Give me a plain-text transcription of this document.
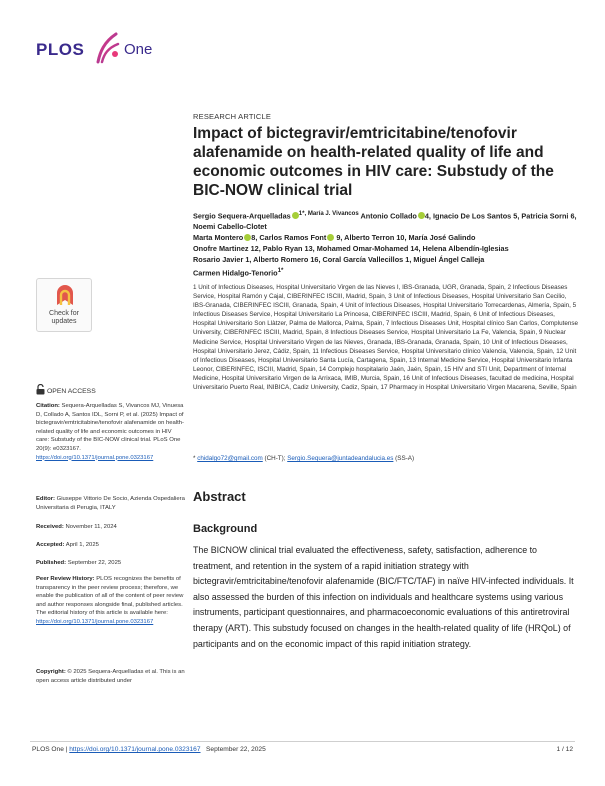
PLOS	One
RESEARCH ARTICLE
Impact of bictegravir/emtricitabine/tenofovir alafenamide on health-related quality of life and economic outcomes in HIV care: Substudy of the BIC-NOW clinical trial
Sergio Sequera-Arquelladas $^{1*, María J. Vivancos}$ Antonio Collado 4, Ignacio De Los Santos 5, Patricia Sorni 6, Noemi Cabello-Clotet
Marta Montero 8, Carlos Ramos Font 9, Alberto Terron 10, María José Galindo
Onofre Martinez 12, Pablo Ryan 13, Mohamed Omar-Mohamed 14, Helena Albendín-Iglesias
Rosario Javier 1, Alberto Romero 16, Coral García Vallecillos 1, Miguel Ángel Calleja
Carmen Hidalgo-Tenorio$^{1*}$
1 Unit of Infectious Diseases, Hospital Universitario Virgen de las Nieves I, IBS-Granada, UGR, Granada, Spain, 2 Infectious Diseases Service, Hospital Ramón y Cajal, CIBERINFEC ISCIII, Madrid, Spain, 3 Unit of Infectious Diseases, Hospital Universitario San Cecilio, IBS-Granada, CIBERINFEC ISCIII, Granada, Spain, 4 Unit of Infectious Diseases, Hospital Universitario Torrecardenas, Almería, Spain, 5 Infectious Diseases Service, Hospital Universitario La Princesa, CIBERINFEC ISCIII, Madrid, Spain, 6 Unit of Infectious Diseases, Hospital Universitario Son Llàtzer, Palma de Mallorca, Palma, Spain, 7 Infectious Diseases Unit, Hospital clínico San Carlos, Complutense University, CIBERINFEC ISCIII, Madrid, Spain, 8 Infectious Diseases Service, Hospital Universitario La Fe, Valencia, Spain, 9 Nuclear Medicine Service, Hospital Universitario Virgen de las Nieves, Granada, IBS-Granada, Granada, Spain, 10 Unit of Infectious Diseases, Hospital Universitario Jerez, Cádiz, Spain, 11 Infectious Diseases Service, Hospital Universitario clínico Valencia, Valencia, Spain, 12 Unit of Infectious Diseases, Hospital Universitario Santa Lucía, Cartagena, Spain, 13 Internal Medicine Service, Hospital Universitario Infanta Leonor, CIBERINFEC, ISCIII, Madrid, Spain, 14 Complejo hospitalario Jaén, Jaén, Spain, 15 HIV and STI Unit, Department of Internal Medicine, Hospital Universitario Virgen de la Arrixaca, IMIB, Murcia, Spain, 16 Unit of Infectious Diseases, facultad de medicina, Hospital Universitario Puerto Real, INIBICA, Cadiz University, Cadiz, Spain, 17 Pharmacy in Hospital Universitario Virgen Macarena, Seville, Spain
* chidalgo72@gmail.com (CH-T); Sergio.Sequera@juntadeandalucia.es (SS-A)
Abstract
Background
The BICNOW clinical trial evaluated the effectiveness, safety, satisfaction, adherence to treatment, and retention in the system of a rapid initiation strategy with bictegravir/emtricitabine/tenofovir alafenamide (BIC/FTC/TAF) in naïve HIV-infected individuals. It also assessed the burden of this infection on individuals and healthcare systems using various instruments, participant questionnaires, and pharmacoeconomic evaluations of this antiretroviral therapy (ART). This substudy focused on changes in the health-related quality of life (HRQoL) of participants and on the economic impact of this rapid initiation strategy.
Check for
updates
OPEN ACCESS
Citation: Sequera-Arquelladas S, Vivancos MJ, Vinuesa D, Collado A, Santos IDL, Sorni P, et al. (2025) Impact of bictegravir/emtricitabine/tenofovir alafenamide on health-related quality of life and economic outcomes in HIV care: Substudy of the BIC-NOW clinical trial. PLoS One 20(9): e0323167. https://doi.org/10.1371/journal.pone.0323167
Editor: Giuseppe Vittorio De Socio, Azienda Ospedaliera Universitaria di Perugia, ITALY
Received: November 11, 2024
Accepted: April 1, 2025
Published: September 22, 2025
Peer Review History: PLOS recognizes the benefits of transparency in the peer review process; therefore, we enable the publication of all of the content of peer review and author responses alongside final, published articles. The editorial history of this article is available here: https://doi.org/10.1371/journal.pone.0323167
Copyright: © 2025 Sequera-Arquelladas et al. This is an open access article distributed under
PLOS One | https://doi.org/10.1371/journal.pone.0323167 September 22, 2025	1 / 12
